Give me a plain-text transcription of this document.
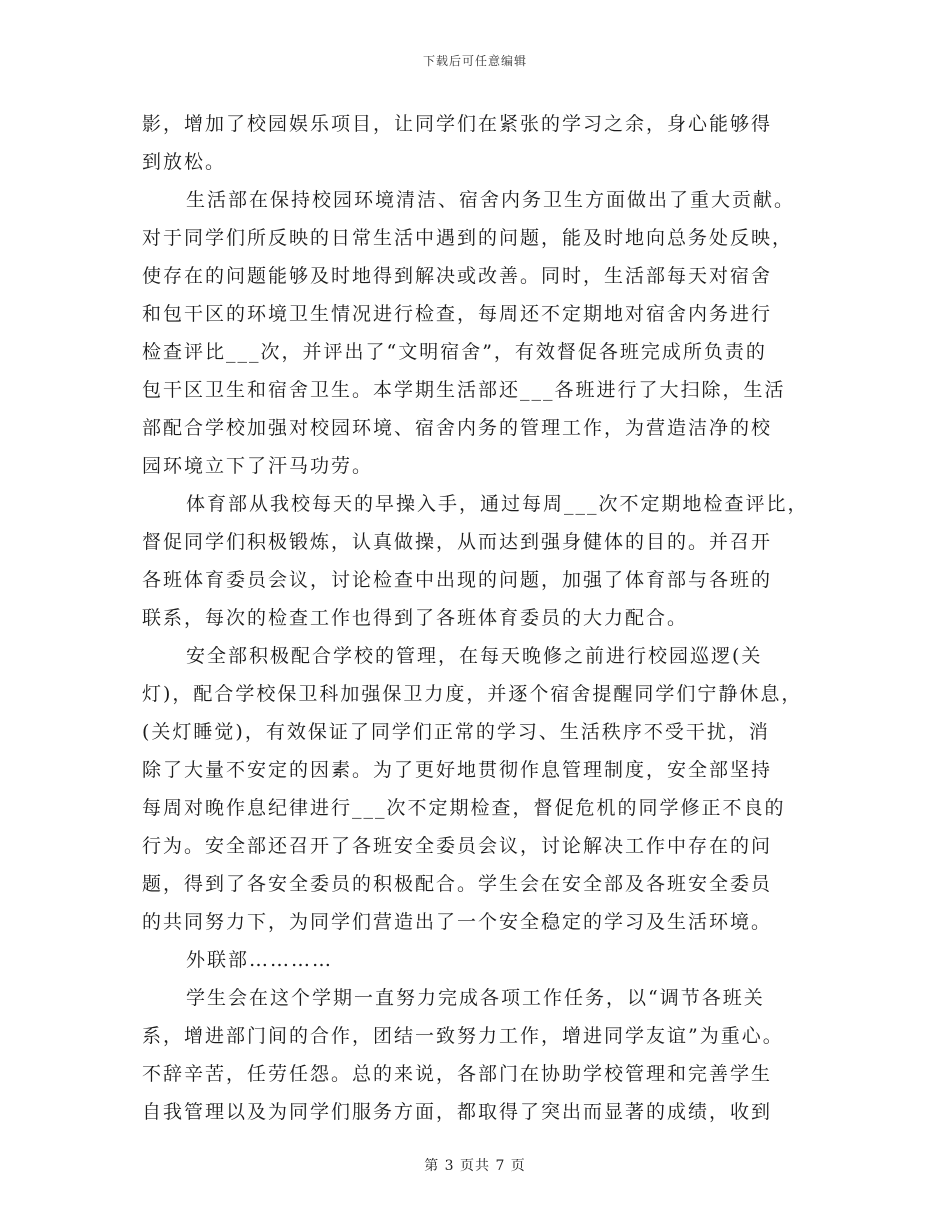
下载后可任意编辑
影，增加了校园娱乐项目，让同学们在紧张的学习之余，身心能够得
到放松。
生活部在保持校园环境清洁、宿舍内务卫生方面做出了重大贡献。
对于同学们所反映的日常生活中遇到的问题，能及时地向总务处反映，
使存在的问题能够及时地得到解决或改善。同时，生活部每天对宿舍
和包干区的环境卫生情况进行检查，每周还不定期地对宿舍内务进行
检查评比___次，并评出了“文明宿舍”，有效督促各班完成所负责的
包干区卫生和宿舍卫生。本学期生活部还___各班进行了大扫除，生活
部配合学校加强对校园环境、宿舍内务的管理工作，为营造洁净的校
园环境立下了汗马功劳。
体育部从我校每天的早操入手，通过每周___次不定期地检查评比，
督促同学们积极锻炼，认真做操，从而达到强身健体的目的。并召开
各班体育委员会议，讨论检查中出现的问题，加强了体育部与各班的
联系，每次的检查工作也得到了各班体育委员的大力配合。
安全部积极配合学校的管理，在每天晚修之前进行校园巡逻(关
灯)，配合学校保卫科加强保卫力度，并逐个宿舍提醒同学们宁静休息，
(关灯睡觉)，有效保证了同学们正常的学习、生活秩序不受干扰，消
除了大量不安定的因素。为了更好地贯彻作息管理制度，安全部坚持
每周对晚作息纪律进行___次不定期检查，督促危机的同学修正不良的
行为。安全部还召开了各班安全委员会议，讨论解决工作中存在的问
题，得到了各安全委员的积极配合。学生会在安全部及各班安全委员
的共同努力下，为同学们营造出了一个安全稳定的学习及生活环境。
外联部…………
学生会在这个学期一直努力完成各项工作任务，以“调节各班关
系，增进部门间的合作，团结一致努力工作，增进同学友谊”为重心。
不辞辛苦，任劳任怨。总的来说，各部门在协助学校管理和完善学生
自我管理以及为同学们服务方面，都取得了突出而显著的成绩，收到
第 3 页共 7 页
